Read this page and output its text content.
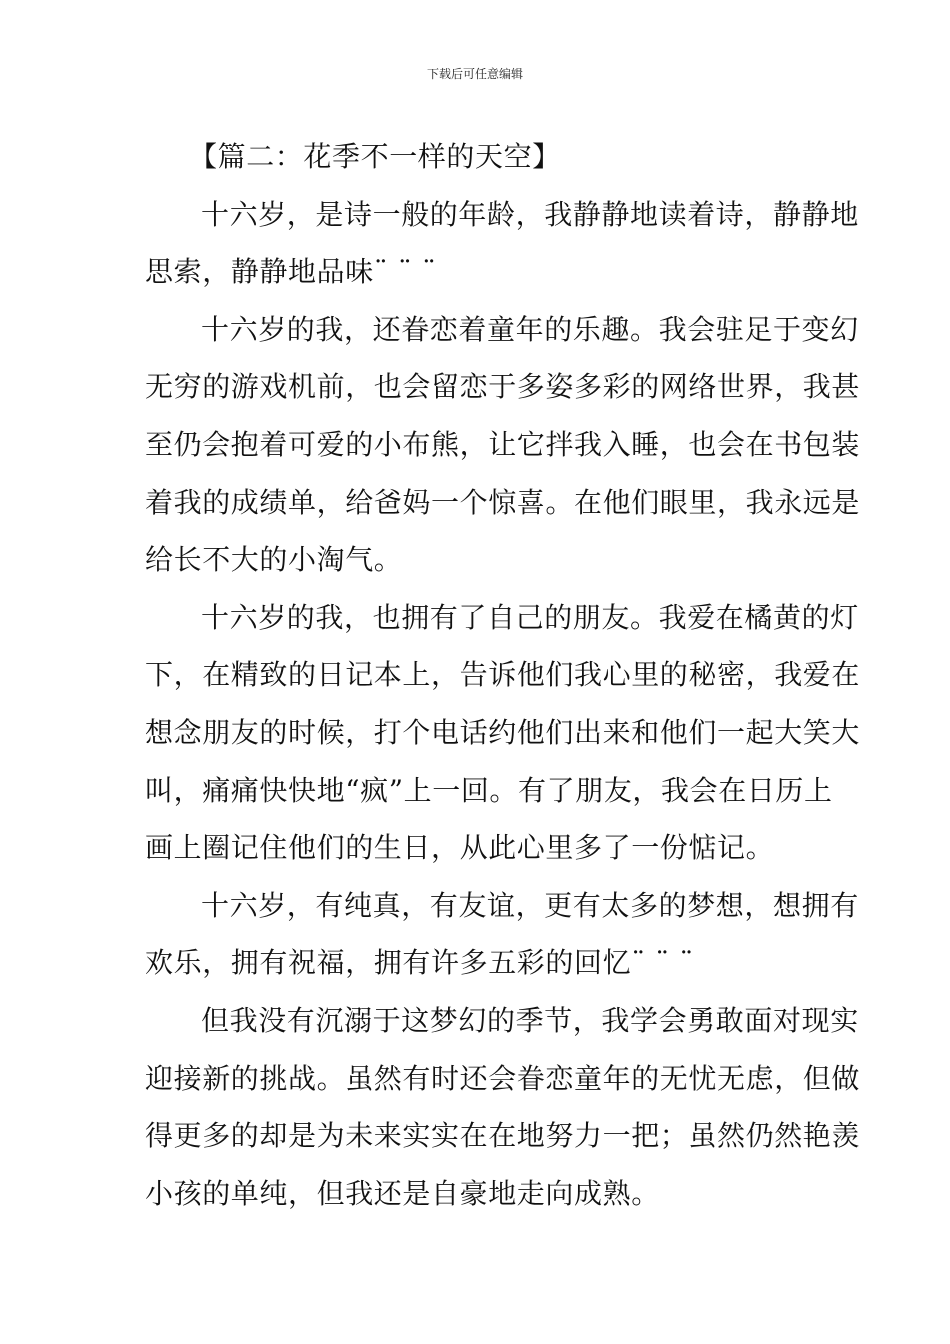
下载后可任意编辑
【篇二：花季不一样的天空】
十六岁，是诗一般的年龄，我静静地读着诗，静静地
思索，静静地品味¨ ¨ ¨
十六岁的我，还眷恋着童年的乐趣。我会驻足于变幻
无穷的游戏机前，也会留恋于多姿多彩的网络世界，我甚
至仍会抱着可爱的小布熊，让它拌我入睡，也会在书包装
着我的成绩单，给爸妈一个惊喜。在他们眼里，我永远是
给长不大的小淘气。
十六岁的我，也拥有了自己的朋友。我爱在橘黄的灯
下，在精致的日记本上，告诉他们我心里的秘密，我爱在
想念朋友的时候，打个电话约他们出来和他们一起大笑大
叫，痛痛快快地“疯”上一回。有了朋友，我会在日历上
画上圈记住他们的生日，从此心里多了一份惦记。
十六岁，有纯真，有友谊，更有太多的梦想，想拥有
欢乐，拥有祝福，拥有许多五彩的回忆¨ ¨ ¨
但我没有沉溺于这梦幻的季节，我学会勇敢面对现实
迎接新的挑战。虽然有时还会眷恋童年的无忧无虑，但做
得更多的却是为未来实实在在地努力一把；虽然仍然艳羡
小孩的单纯，但我还是自豪地走向成熟。
